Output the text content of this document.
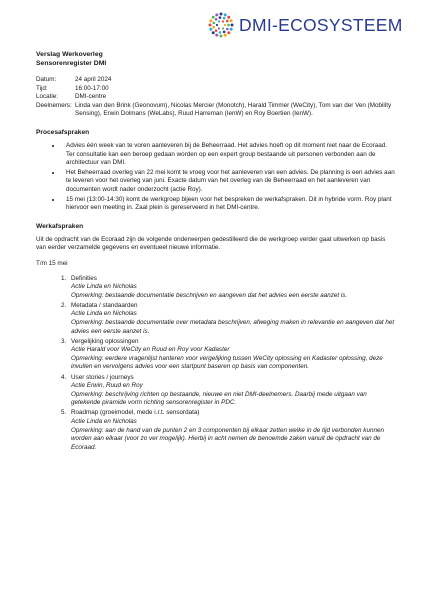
DMI-ECOSYSTEEM
Verslag Werkoverleg
Sensorenregister DMI
Datum:	24 april 2024
Tijd:	16:00-17:00
Locatie:	DMI-centre
Deelnemers: Linda van den Brink (Geonovum), Nicolas Mercier (Monotch), Harald Timmer (WeCity), Tom van der Ven (Mobility Sensing), Erwin Dolmans (WeLabs), Ruud Harreman (IenW) en Roy Boertien (IenW).
Procesafspraken
• Advies één week van te voren aanleveren bij de Beheerraad. Het advies hoeft op dit moment niet naar de Ecoraad. Ter consultatie kan een beroep gedaan worden op een expert group bestaande uit personen verbonden aan de architectuur van DMI.
• Het Beheerraad overleg van 22 mei komt te vroeg voor het aanleveren van een advies. De planning is een advies aan te leveren voor het overleg van juni. Exacte datum van het overleg van de Beheerraad en het aanleveren van documenten wordt nader onderzocht (actie Roy).
• 15 mei (13:00-14:30) komt de werkgroep bijeen voor het bespreken de werkafspraken. Dit in hybride vorm. Roy plant hiervoor een meeting in. Zaal plein is gereserveerd in het DMI-centre.
Werkafspraken

Uit de opdracht van de Ecoraad zijn de volgende onderwerpen gedestilleerd die de werkgroep verder gaat uitwerken op basis van eerder verzamelde gegevens en eventueel nieuwe informatie.

T/m 15 mei

1. Definities
Actie Linda en Nicholas
Opmerking: bestaande documentatie beschrijven en aangeven dat het advies een eerste aanzet is.
2. Metadata / standaarden
Actie Linda en Nicholas
Opmerking: bestaande documentatie over metadata beschrijven, afweging maken in relevantie en aangeven dat het advies een eerste aanzet is.
3. Vergelijking oplossingen
Actie Harald voor WeCity en Ruud en Roy voor Kadaster
Opmerking: eerdere vragenlijst hanteren voor vergelijking tussen WeCity oplossing en Kadaster oplossing, deze invullen en vervolgens advies voor een startpunt baseren op basis van componenten.
4. User stories / journeys
Actie Erwin, Ruud en Roy
Opmerking: beschrijving richten op bestaande, nieuwe en niet DMI-deelnemers. Daarbij mede uitgaan van getekende piramide vorm richting sensorenregister in PDC.
5. Roadmap (groeimodel, mede i.r.t. sensordata)
Actie Linda en Nicholas
Opmerking: aan de hand van de punten 2 en 3 componenten bij elkaar zetten welke in de tijd verbonden kunnen worden aan elkaar (voor zo ver mogelijk). Hierbij in acht nemen de benoemde zaken vanuit de opdracht van de Ecoraad.
